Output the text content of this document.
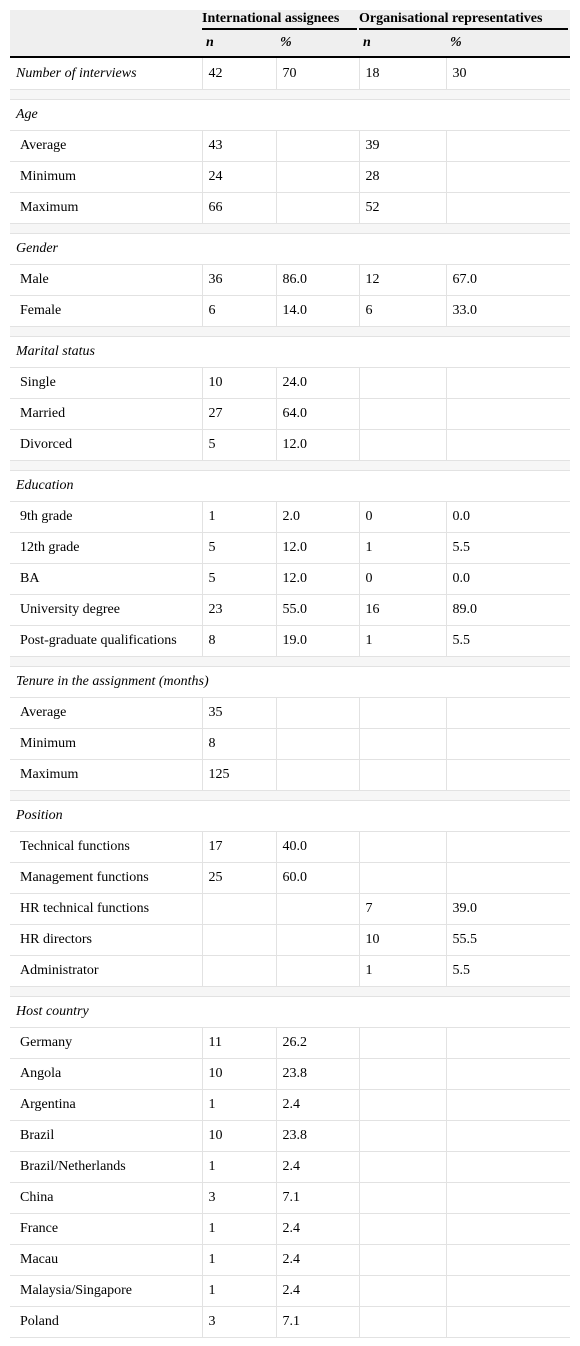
	International assignees		Organisational representatives	

	n	%	n	%
Number of interviews	42	70	18	30

Age				
Average	43		39	
Minimum	24		28	
Maximum	66		52	

Gender				
Male	36	86.0	12	67.0
Female	6	14.0	6	33.0

Marital status				
Single	10	24.0		
Married	27	64.0		
Divorced	5	12.0		

Education				
9th grade	1	2.0	0	0.0
12th grade	5	12.0	1	5.5
BA	5	12.0	0	0.0
University degree	23	55.0	16	89.0
Post-graduate qualifications	8	19.0	1	5.5

Tenure in the assignment (months)				
Average	35			
Minimum	8			
Maximum	125			

Position				
Technical functions	17	40.0		
Management functions	25	60.0		
HR technical functions			7	39.0
HR directors			10	55.5
Administrator			1	5.5

Host country				
Germany	11	26.2		
Angola	10	23.8		
Argentina	1	2.4		
Brazil	10	23.8		
Brazil/Netherlands	1	2.4		
China	3	7.1		
France	1	2.4		
Macau	1	2.4		
Malaysia/Singapore	1	2.4		
Poland	3	7.1		
